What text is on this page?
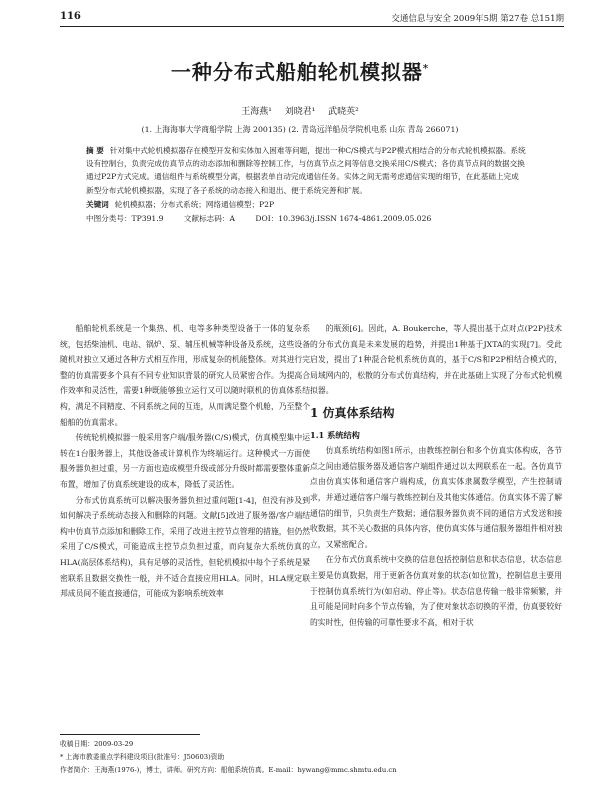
116	交通信息与安全 2009年5期 第27卷 总151期
一种分布式船舶轮机模拟器*
王海燕¹ 刘晓君¹ 武晓英²
(1. 上海海事大学商船学院 上海 200135) (2. 青岛远洋船员学院机电系 山东 青岛 266071)
摘 要 针对集中式轮机模拟器存在模型开发和实体加入困难等问题，提出一种C/S模式与P2P模式相结合的分布式轮机模拟器。系统设有控制台，负责完成仿真节点的动态添加和删除等控制工作，与仿真节点之间等信息交换采用C/S模式；各仿真节点间的数据交换通过P2P方式完成。通信组件与系统模型分离，根据表单自动完成通信任务。实体之间无需考虑通信实现的细节，在此基础上完成新型分布式轮机模拟器，实现了各子系统的动态接入和退出、便于系统完善和扩展。
关键词 轮机模拟器；分布式系统；网络通信模型；P2P
中图分类号：TP391.9	文献标志码：A	DOI：10.3963/j.ISSN 1674-4861.2009.05.026

船舶轮机系统是一个集热、机、电等多种类型设备于一体的复杂系统，包括柴油机、电站、锅炉、泵、辅压机械等种设备及系统，这些设备随机对独立又通过各种方式相互作用，形成复杂的机能整体。对其进行完整的仿真需要多个具有不同专业知识背景的研究人员紧密合作。为提高合作效率和灵活性，需要1种既能够独立运行又可以随时联机的仿真体系结构，满足不同精度、不同系统之间的互连，从而满足整个机舱，乃至整个船舶的仿真需求。

传统轮机模拟器一般采用客户端/服务器(C/S)模式，仿真模型集中运转在1台服务器上，其他设备或计算机作为终端运行。这种模式一方面使服务器负担过重，另一方面也造成模型升级或部分升级时都需要整体重新布置，增加了仿真系统建设的成本，降低了灵活性。

分布式仿真系统可以解决服务器负担过重问题[1-4]，但没有涉及到如何解决子系统动态接入和删除的问题。文献[5]改进了服务器/客户端结构中仿真节点添加和删除工作，采用了改进主控节点管理的措施，但仍然采用了C/S模式，可能造成主控节点负担过重，而向复杂大系统仿真的HLA(高层体系结构)，具有足够的灵活性，但轮机模拟中每个子系统是紧密联系且数据交换性一般，并不适合直接应用HLA。同时，HLA规定联邦成员间不能直接通信，可能成为影响系统效率

的瓶颈[6]。因此，A. Boukerche，等人提出基于点对点(P2P)技术的分布式仿真是未来发展的趋势，并提出1种基于JXTA的实现[7]。受此启发，提出了1种混合轮机系统仿真的，基于C/S和P2P相结合模式的，局域网内的，松散的分布式仿真结构，并在此基础上实现了分布式轮机模拟器。

1 仿真体系结构
1.1 系统结构

仿真系统结构如图1所示，由教练控制台和多个仿真实体构成，各节点之间由通信服务器及通信客户端组件通过以太网联系在一起。各仿真节点由仿真实体和通信客户端构成，仿真实体隶属数学模型，产生控制请求，并通过通信客户端与教练控制台及其他实体通信。仿真实体不需了解通信的细节，只负责生产数据；通信服务器负责不同的通信方式发送和接收数据，其不关心数据的具体内容，使仿真实体与通信服务器组件相对独立，又紧密配合。

在分布式仿真系统中交换的信息包括控制信息和状态信息，状态信息主要是仿真数据，用于更新各仿真对象的状态(如位置)，控制信息主要用于控制仿真系统行为(如启动、停止等)。状态信息传输一般非常频繁，并且可能是同时向多个节点传输，为了使对象状态切换的平滑，仿真要较好的实时性，但传输的可靠性要求不高，相对于状

收稿日期：2009-03-29
* 上海市教委重点学科建设项目(批准号：J50603)资助
作者简介：王海燕(1976-)，博士，讲师。研究方向：船舶系统仿真。E-mail：hywang@mmc.shmtu.edu.cn
